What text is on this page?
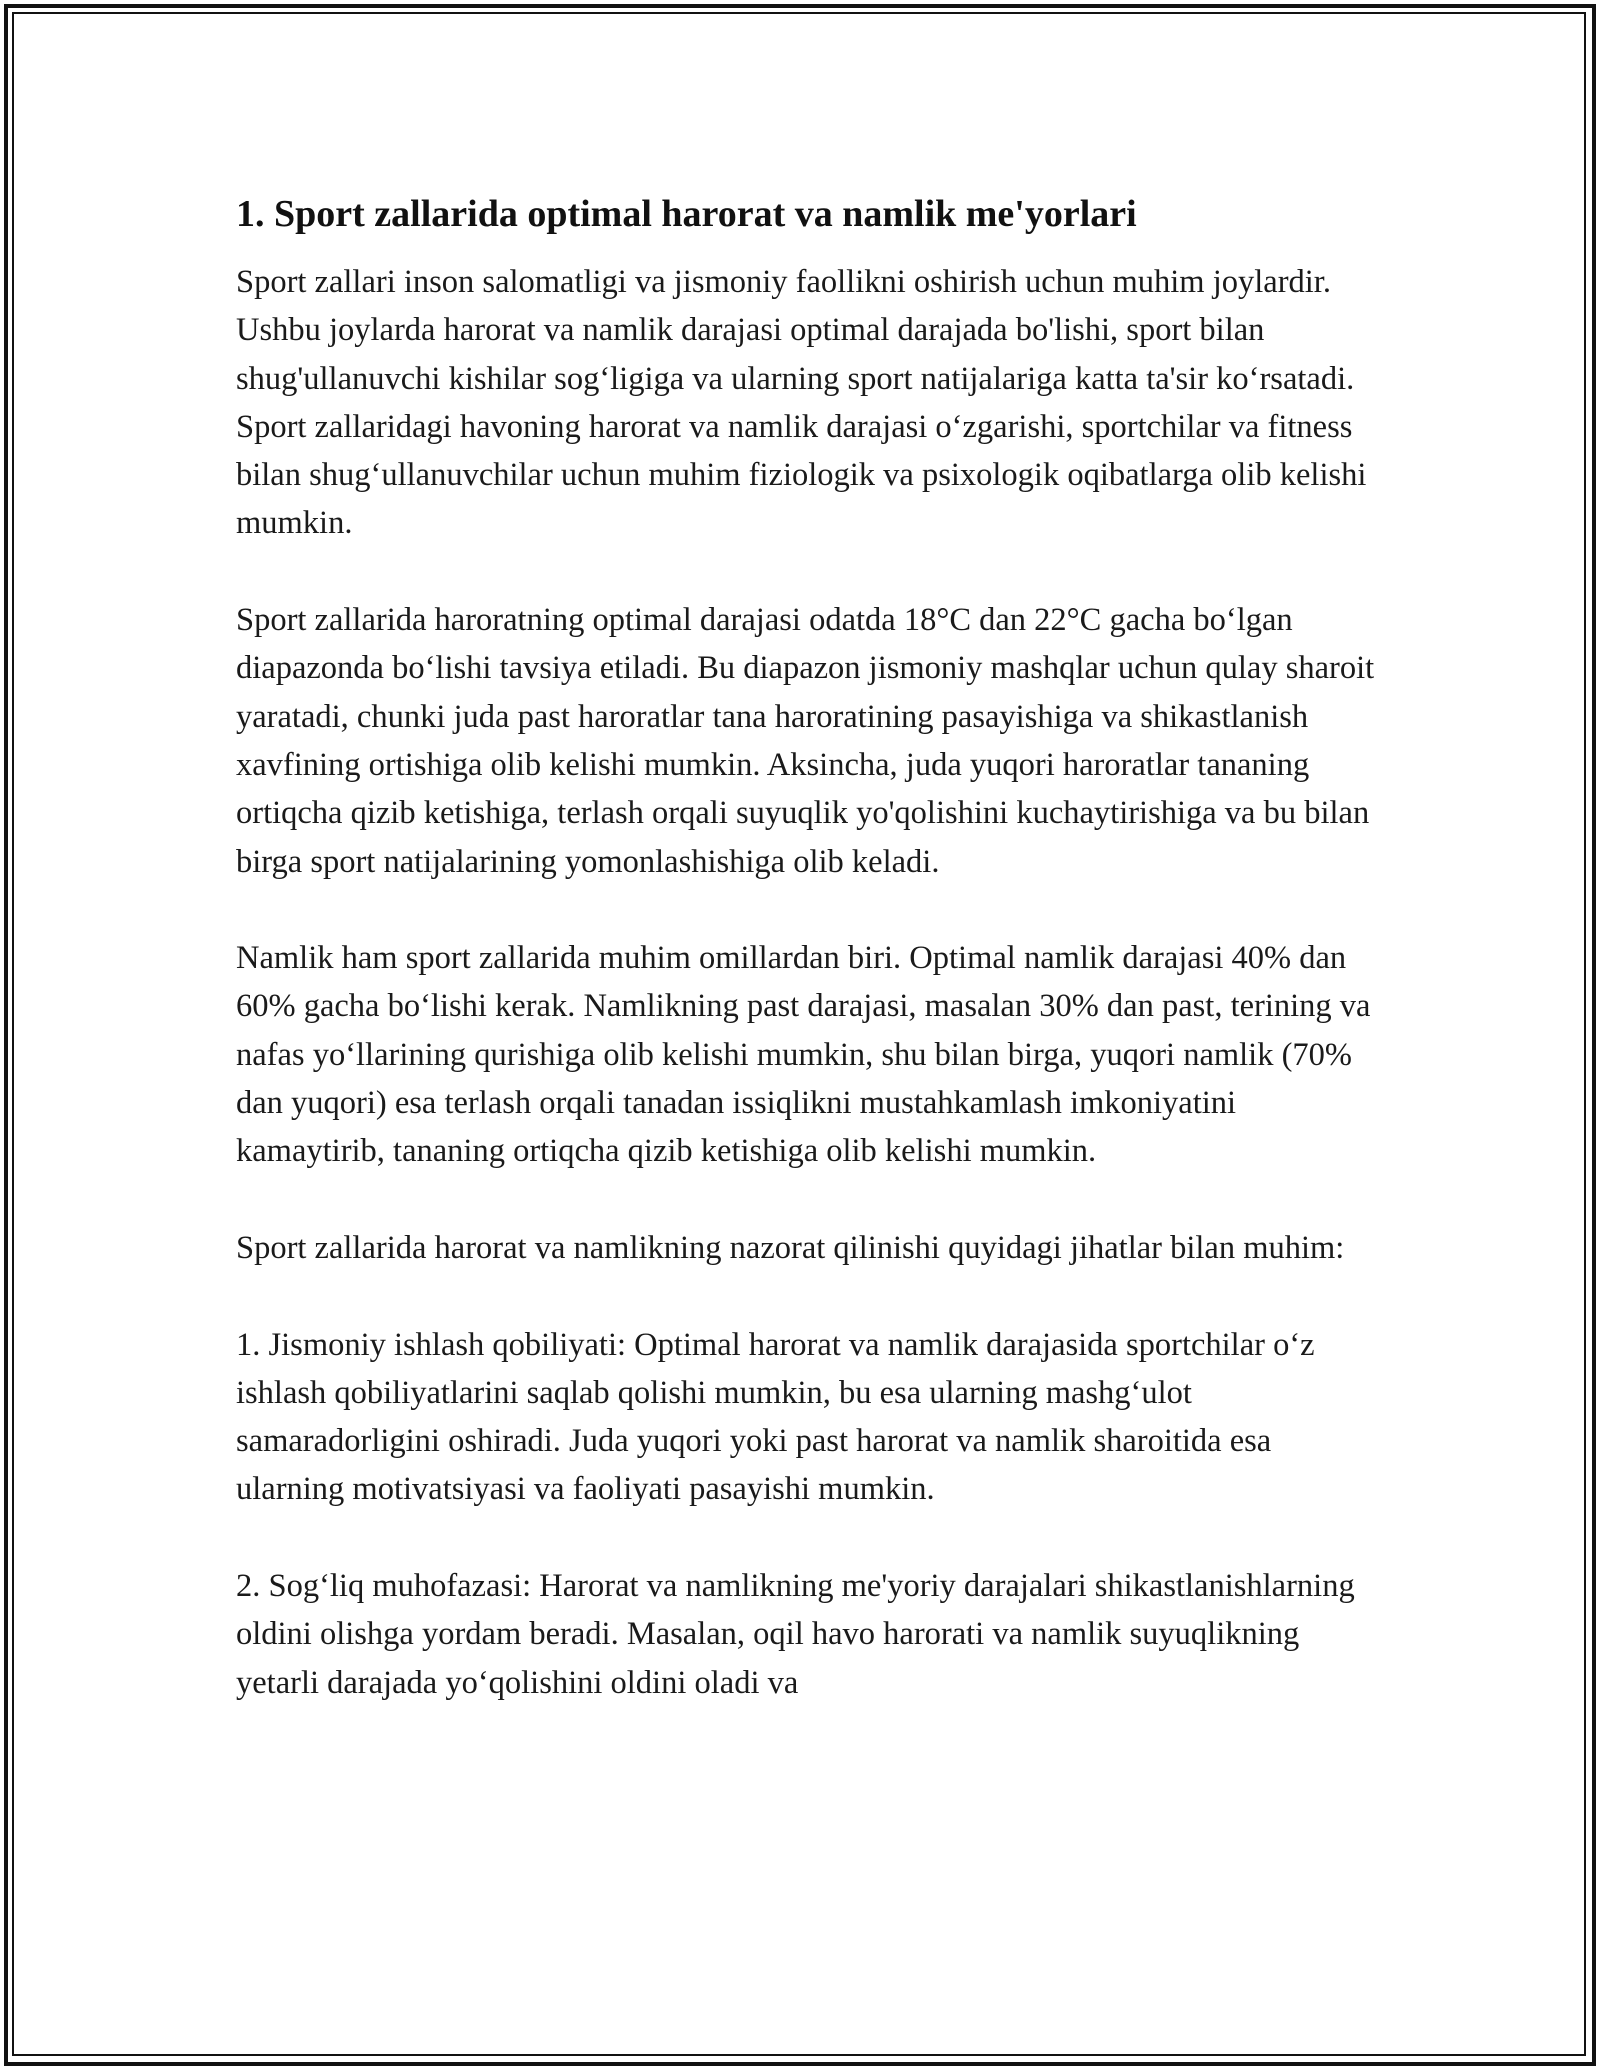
1. Sport zallarida optimal harorat va namlik me'yorlari

Sport zallari inson salomatligi va jismoniy faollikni oshirish uchun muhim joylardir. Ushbu joylarda harorat va namlik darajasi optimal darajada bo'lishi, sport bilan shug'ullanuvchi kishilar sog‘ligiga va ularning sport natijalariga katta ta'sir ko‘rsatadi. Sport zallaridagi havoning harorat va namlik darajasi o‘zgarishi, sportchilar va fitness bilan shug‘ullanuvchilar uchun muhim fiziologik va psixologik oqibatlarga olib kelishi mumkin.

Sport zallarida haroratning optimal darajasi odatda 18°C dan 22°C gacha bo‘lgan diapazonda bo‘lishi tavsiya etiladi. Bu diapazon jismoniy mashqlar uchun qulay sharoit yaratadi, chunki juda past haroratlar tana haroratining pasayishiga va shikastlanish xavfining ortishiga olib kelishi mumkin. Aksincha, juda yuqori haroratlar tananing ortiqcha qizib ketishiga, terlash orqali suyuqlik yo'qolishini kuchaytirishiga va bu bilan birga sport natijalarining yomonlashishiga olib keladi.

Namlik ham sport zallarida muhim omillardan biri. Optimal namlik darajasi 40% dan 60% gacha bo‘lishi kerak. Namlikning past darajasi, masalan 30% dan past, terining va nafas yo‘llarining qurishiga olib kelishi mumkin, shu bilan birga, yuqori namlik (70% dan yuqori) esa terlash orqali tanadan issiqlikni mustahkamlash imkoniyatini kamaytirib, tananing ortiqcha qizib ketishiga olib kelishi mumkin.

Sport zallarida harorat va namlikning nazorat qilinishi quyidagi jihatlar bilan muhim:

1. Jismoniy ishlash qobiliyati: Optimal harorat va namlik darajasida sportchilar o‘z ishlash qobiliyatlarini saqlab qolishi mumkin, bu esa ularning mashg‘ulot samaradorligini oshiradi. Juda yuqori yoki past harorat va namlik sharoitida esa ularning motivatsiyasi va faoliyati pasayishi mumkin.

2. Sog‘liq muhofazasi: Harorat va namlikning me'yoriy darajalari shikastlanishlarning oldini olishga yordam beradi. Masalan, oqil havo harorati va namlik suyuqlikning yetarli darajada yo‘qolishini oldini oladi va
